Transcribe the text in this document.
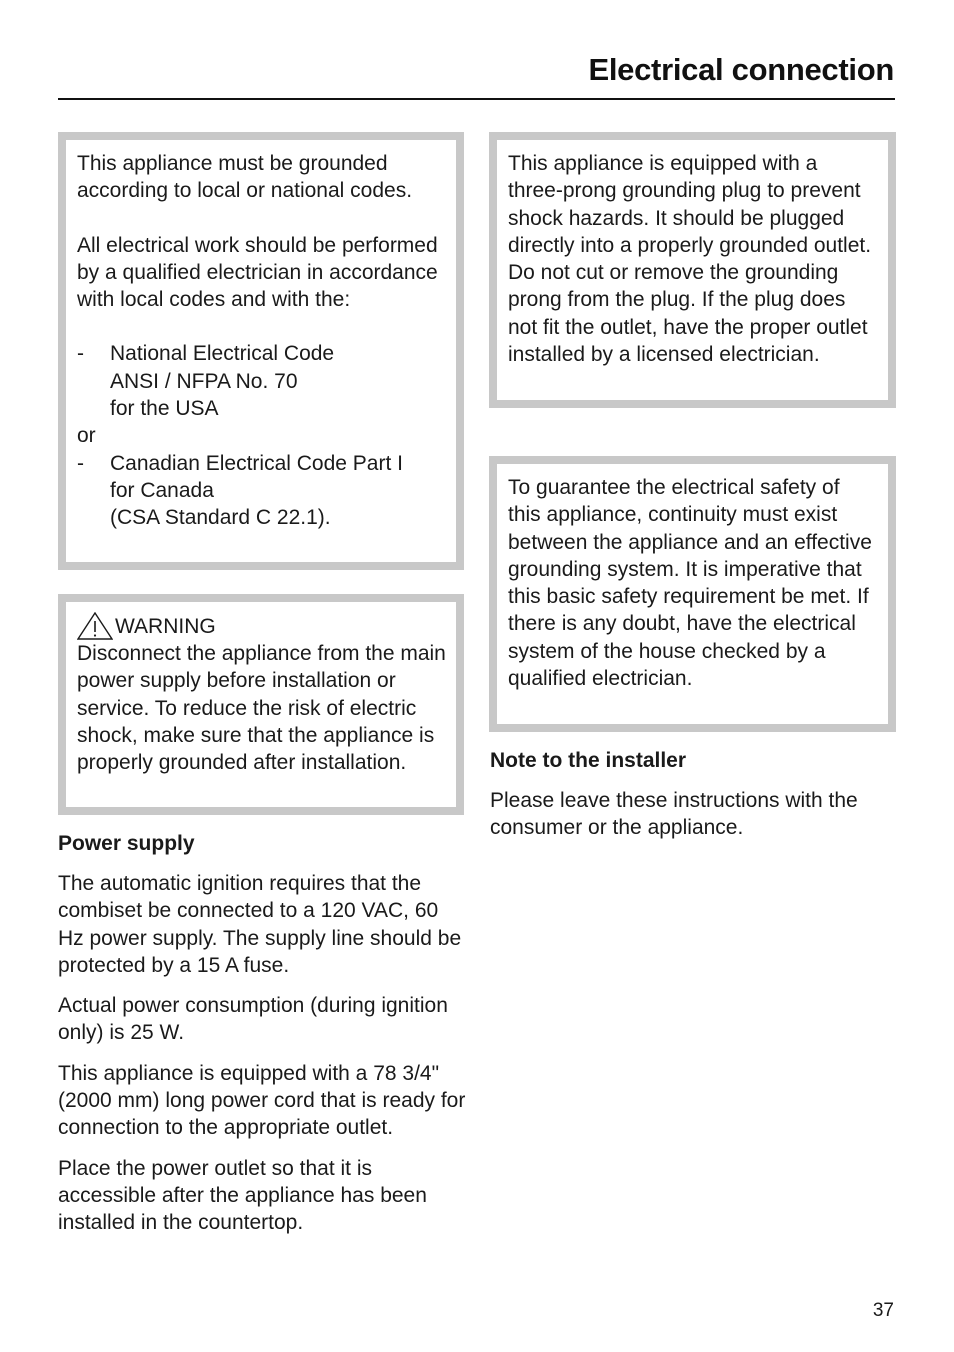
Electrical connection

This appliance must be grounded according to local or national codes.

All electrical work should be performed by a qualified electrician in accordance with local codes and with the:

-	National Electrical Code
ANSI / NFPA No. 70
for the USA
or
-	Canadian Electrical Code Part I
for Canada
(CSA Standard C 22.1).
WARNING

Disconnect the appliance from the main power supply before installation or service. To reduce the risk of electric shock, make sure that the appliance is properly grounded after installation.

Power supply

The automatic ignition requires that the combiset be connected to a 120 VAC, 60 Hz power supply. The supply line should be protected by a 15 A fuse.

Actual power consumption (during ignition only) is 25 W.

This appliance is equipped with a 78 3/4" (2000 mm) long power cord that is ready for connection to the appropriate outlet.

Place the power outlet so that it is accessible after the appliance has been installed in the countertop.

This appliance is equipped with a three-prong grounding plug to prevent shock hazards. It should be plugged directly into a properly grounded outlet. Do not cut or remove the grounding prong from the plug. If the plug does not fit the outlet, have the proper outlet installed by a licensed electrician.

To guarantee the electrical safety of this appliance, continuity must exist between the appliance and an effective grounding system. It is imperative that this basic safety requirement be met. If there is any doubt, have the electrical system of the house checked by a qualified electrician.

Note to the installer

Please leave these instructions with the consumer or the appliance.

37
